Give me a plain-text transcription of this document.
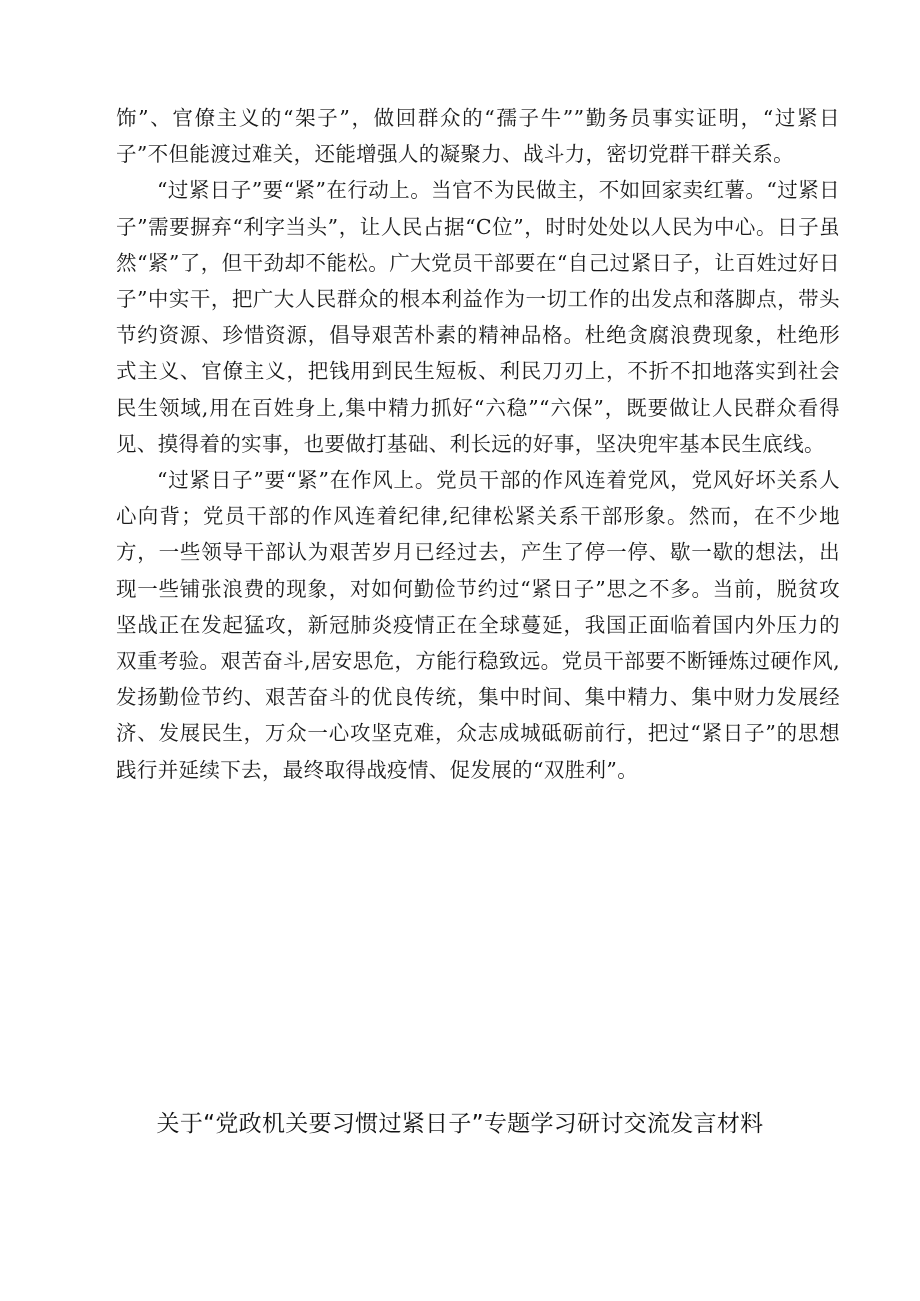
饰”、官僚主义的“架子”，做回群众的“孺子牛””勤务员事实证明，“过紧日子”不但能渡过难关，还能增强人的凝聚力、战斗力，密切党群干群关系。

“过紧日子”要“紧”在行动上。当官不为民做主，不如回家卖红薯。“过紧日子”需要摒弃“利字当头”，让人民占据“C位”，时时处处以人民为中心。日子虽然“紧”了，但干劲却不能松。广大党员干部要在“自己过紧日子，让百姓过好日子”中实干，把广大人民群众的根本利益作为一切工作的出发点和落脚点，带头节约资源、珍惜资源，倡导艰苦朴素的精神品格。杜绝贪腐浪费现象，杜绝形式主义、官僚主义，把钱用到民生短板、利民刀刃上，不折不扣地落实到社会民生领域,用在百姓身上,集中精力抓好“六稳”“六保”，既要做让人民群众看得见、摸得着的实事，也要做打基础、利长远的好事，坚决兜牢基本民生底线。

“过紧日子”要“紧”在作风上。党员干部的作风连着党风，党风好坏关系人心向背；党员干部的作风连着纪律,纪律松紧关系干部形象。然而，在不少地方，一些领导干部认为艰苦岁月已经过去，产生了停一停、歇一歇的想法，出现一些铺张浪费的现象，对如何勤俭节约过“紧日子”思之不多。当前，脱贫攻坚战正在发起猛攻，新冠肺炎疫情正在全球蔓延，我国正面临着国内外压力的双重考验。艰苦奋斗,居安思危，方能行稳致远。党员干部要不断锤炼过硬作风,发扬勤俭节约、艰苦奋斗的优良传统，集中时间、集中精力、集中财力发展经济、发展民生，万众一心攻坚克难，众志成城砥砺前行，把过“紧日子”的思想践行并延续下去，最终取得战疫情、促发展的“双胜利”。

关于“党政机关要习惯过紧日子”专题学习研讨交流发言材料
